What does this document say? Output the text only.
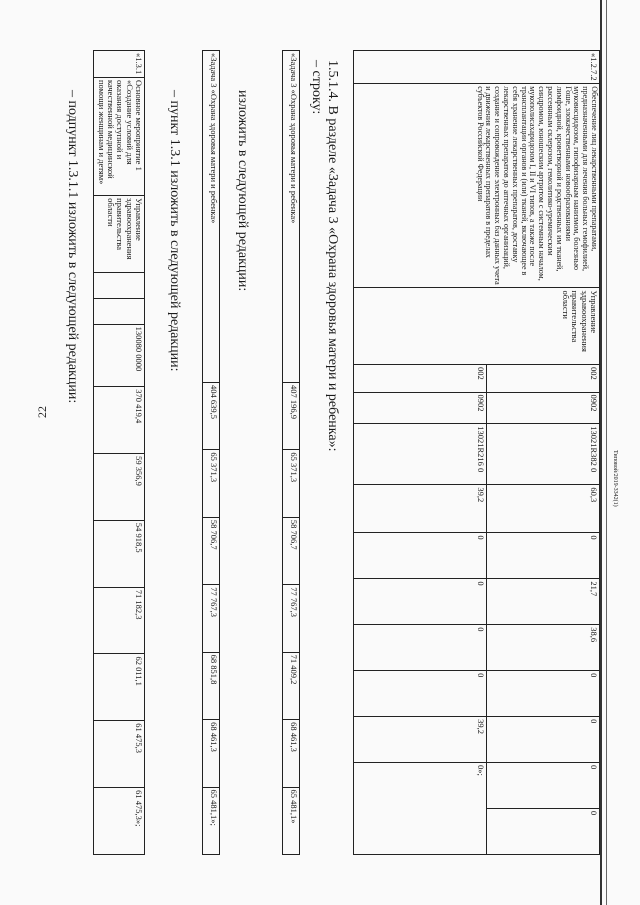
22
Типовой/2019-3342(1)
«1.2.7.2	Обеспечение лиц лекарственными препаратами, предназначенными для лечения больных гемофилией, муковисцидозом, гипофизарным нанизмом, болезнью Гоше, злокачественными новообразованиями лимфоидной, кроветворной и родственных им тканей, рассеянным склерозом, гемолитико-уремическим синдромом, юношеским артритом с системным началом, мукополисахаридозом I, II и VI типов, а также после трансплантации органов и (или) тканей, включающее в себя хранение лекарственных препаратов, доставку лекарственных препаратов до аптечных организаций, создание и сопровождение электронных баз данных учета и движения лекарственных препаратов в пределах субъектов Российской Федерации	Управление здравоохранения правительства области	002	0902	13021R382 0	60,3	0	21,7	38,6	0	0	0	0
			002	0902	13021R216 0	39,2	0	0	0	0	39,2	0»;	
1.5.1.4. В разделе «Задача 3 «Охрана здоровья матери и ребенка»:
– строку:
«Задача 3 «Охрана здоровья матери и ребенка»	407 196,9	65 371,3	58 706,7	77 767,3	71 409,2	68 461,3	65 481,1»
изложить в следующей редакции:
«Задача 3 «Охрана здоровья матери и ребенка»	404 639,5	65 371,3	58 706,7	77 767,3	68 851,8	68 461,3	65 481,1»;
– пункт 1.3.1 изложить в следующей редакции:
«1.3.1	Основное мероприятие 1 «Создание условий для оказания доступной и качественной медицинской помощи женщинам и детям»	Управление здравоохранения правительства области			130080 0000	370 419,4	59 356,9	54 918,5	71 182,3	62 011,1	61 475,3	61 475,3»;
– подпункт 1.3.1.1 изложить в следующей редакции:
